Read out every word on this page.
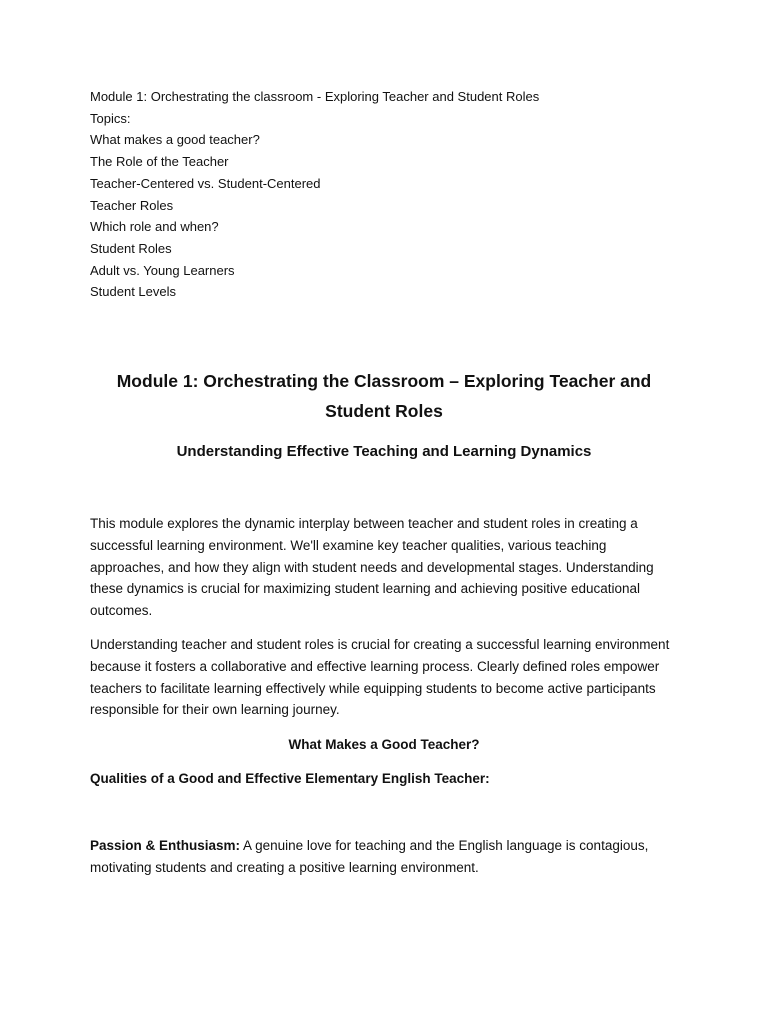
Module 1: Orchestrating the classroom - Exploring Teacher and Student Roles
Topics:
What makes a good teacher?
The Role of the Teacher
Teacher-Centered vs. Student-Centered
Teacher Roles
Which role and when?
Student Roles
Adult vs. Young Learners
Student Levels
Module 1: Orchestrating the Classroom – Exploring Teacher and
Student Roles
Understanding Effective Teaching and Learning Dynamics

This module explores the dynamic interplay between teacher and student roles in creating a successful learning environment. We'll examine key teacher qualities, various teaching approaches, and how they align with student needs and developmental stages. Understanding these dynamics is crucial for maximizing student learning and achieving positive educational outcomes.

Understanding teacher and student roles is crucial for creating a successful learning environment because it fosters a collaborative and effective learning process. Clearly defined roles empower teachers to facilitate learning effectively while equipping students to become active participants responsible for their own learning journey.

What Makes a Good Teacher?
Qualities of a Good and Effective Elementary English Teacher:

Passion & Enthusiasm: A genuine love for teaching and the English language is contagious, motivating students and creating a positive learning environment.
